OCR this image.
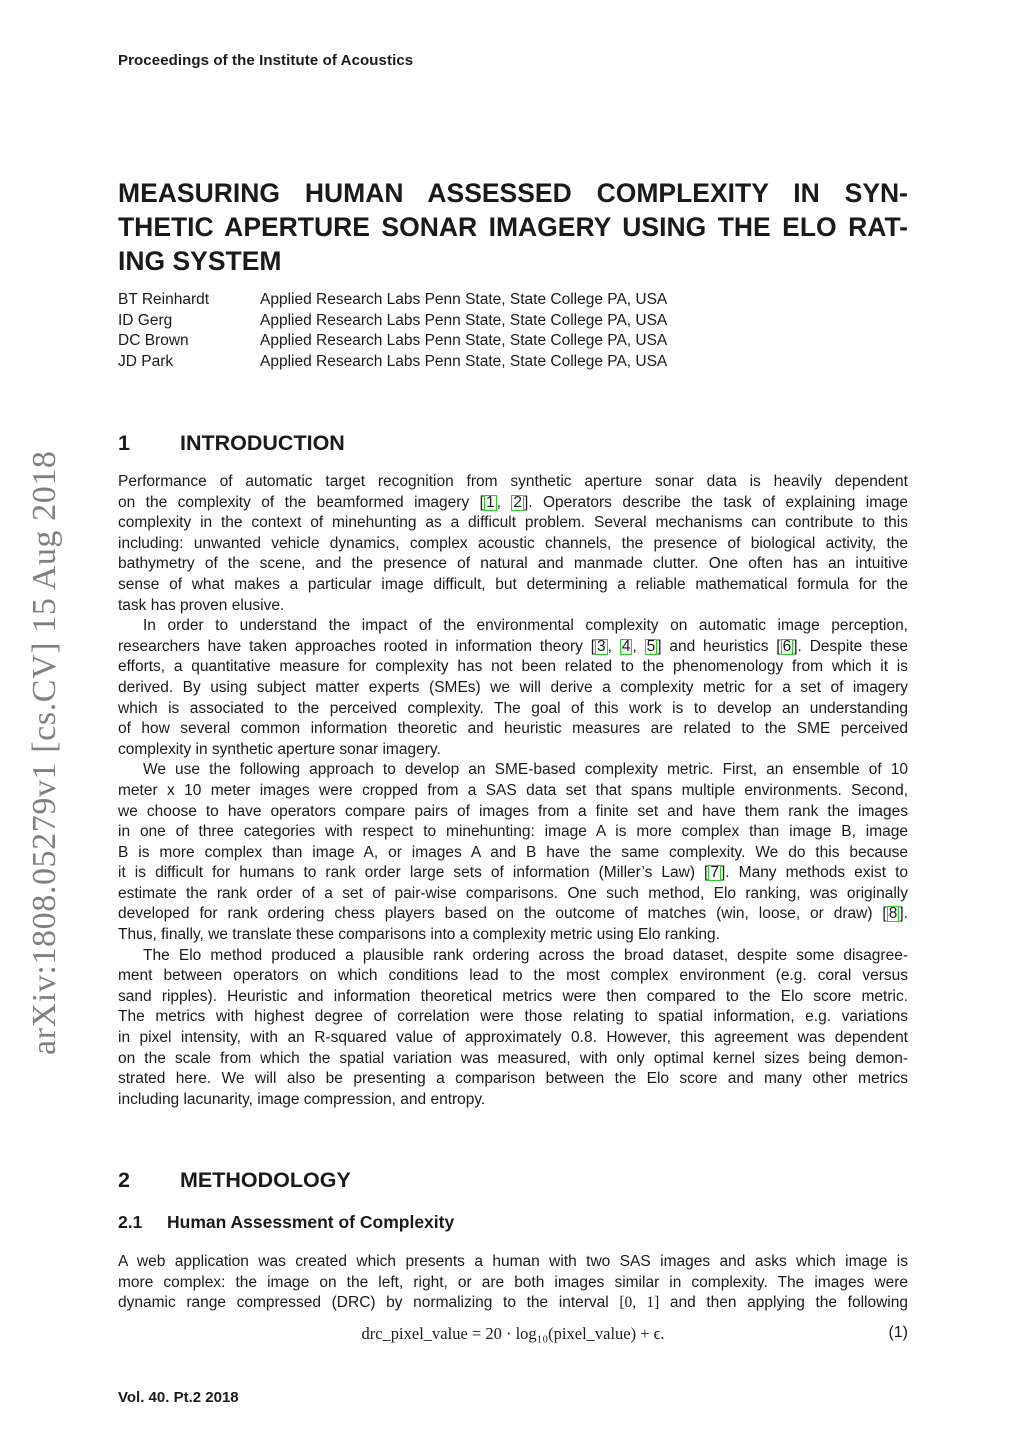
Proceedings of the Institute of Acoustics
arXiv:1808.05279v1 [cs.CV] 15 Aug 2018
MEASURING HUMAN ASSESSED COMPLEXITY IN SYN-
THETIC APERTURE SONAR IMAGERY USING THE ELO RAT-
ING SYSTEM
BT Reinhardt	Applied Research Labs Penn State, State College PA, USA
ID Gerg	Applied Research Labs Penn State, State College PA, USA
DC Brown	Applied Research Labs Penn State, State College PA, USA
JD Park	Applied Research Labs Penn State, State College PA, USA
1	INTRODUCTION

Performance of automatic target recognition from synthetic aperture sonar data is heavily dependent
on the complexity of the beamformed imagery [ 1 , 2 ]. Operators describe the task of explaining image
complexity in the context of minehunting as a difficult problem. Several mechanisms can contribute to this
including: unwanted vehicle dynamics, complex acoustic channels, the presence of biological activity, the
bathymetry of the scene, and the presence of natural and manmade clutter. One often has an intuitive
sense of what makes a particular image difficult, but determining a reliable mathematical formula for the
task has proven elusive.

In order to understand the impact of the environmental complexity on automatic image perception,
researchers have taken approaches rooted in information theory [ 3 , 4 , 5 ] and heuristics [ 6 ]. Despite these
efforts, a quantitative measure for complexity has not been related to the phenomenology from which it is
derived. By using subject matter experts (SMEs) we will derive a complexity metric for a set of imagery
which is associated to the perceived complexity. The goal of this work is to develop an understanding
of how several common information theoretic and heuristic measures are related to the SME perceived
complexity in synthetic aperture sonar imagery.

We use the following approach to develop an SME-based complexity metric. First, an ensemble of 10
meter x 10 meter images were cropped from a SAS data set that spans multiple environments. Second,
we choose to have operators compare pairs of images from a finite set and have them rank the images
in one of three categories with respect to minehunting: image A is more complex than image B, image
B is more complex than image A, or images A and B have the same complexity. We do this because
it is difficult for humans to rank order large sets of information (Miller’s Law) [ 7 ]. Many methods exist to
estimate the rank order of a set of pair-wise comparisons. One such method, Elo ranking, was originally
developed for rank ordering chess players based on the outcome of matches (win, loose, or draw) [ 8 ].
Thus, finally, we translate these comparisons into a complexity metric using Elo ranking.

The Elo method produced a plausible rank ordering across the broad dataset, despite some disagree-
ment between operators on which conditions lead to the most complex environment (e.g. coral versus
sand ripples). Heuristic and information theoretical metrics were then compared to the Elo score metric.
The metrics with highest degree of correlation were those relating to spatial information, e.g. variations
in pixel intensity, with an R-squared value of approximately 0.8. However, this agreement was dependent
on the scale from which the spatial variation was measured, with only optimal kernel sizes being demon-
strated here. We will also be presenting a comparison between the Elo score and many other metrics
including lacunarity, image compression, and entropy.

2	METHODOLOGY
2.1	Human Assessment of Complexity

A web application was created which presents a human with two SAS images and asks which image is
more complex: the image on the left, right, or are both images similar in complexity. The images were
dynamic range compressed (DRC) by normalizing to the interval [0, 1] and then applying the following

drc_pixel_value = 20 · log₁₀(pixel_value) + ϵ.	(1)
Vol. 40. Pt.2 2018
